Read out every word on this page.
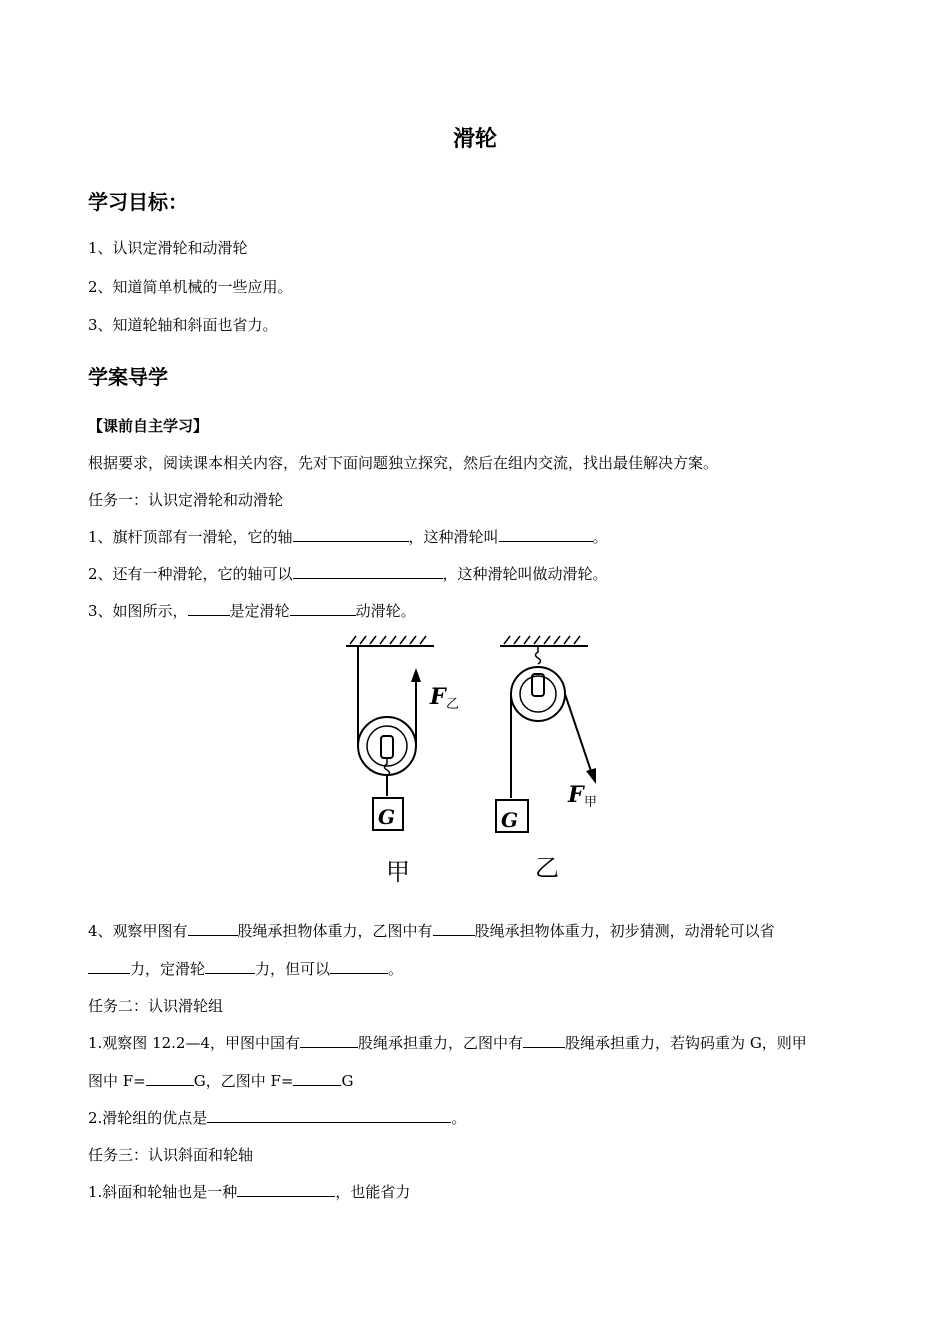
滑轮
学习目标：
1、认识定滑轮和动滑轮
2、知道简单机械的一些应用。
3、知道轮轴和斜面也省力。
学案导学
【课前自主学习】
根据要求，阅读课本相关内容，先对下面问题独立探究，然后在组内交流，找出最佳解决方案。
任务一：认识定滑轮和动滑轮
1、旗杆顶部有一滑轮，它的轴	，这种滑轮叫	。
2、还有一种滑轮，它的轴可以	，这种滑轮叫做动滑轮。
3、如图所示，	是定滑轮	动滑轮。
F 乙
G
甲
F 甲
G
乙
4、观察甲图有	股绳承担物体重力，乙图中有	股绳承担物体重力，初步猜测，动滑轮可以省
力，定滑轮	力，但可以	。
任务二：认识滑轮组
1.观察图 12.2—4，甲图中国有	股绳承担重力，乙图中有	股绳承担重力，若钩码重为 G，则甲
图中 F=	G，乙图中 F=	G
2.滑轮组的优点是	。
任务三：认识斜面和轮轴
1.斜面和轮轴也是一种	，也能省力
